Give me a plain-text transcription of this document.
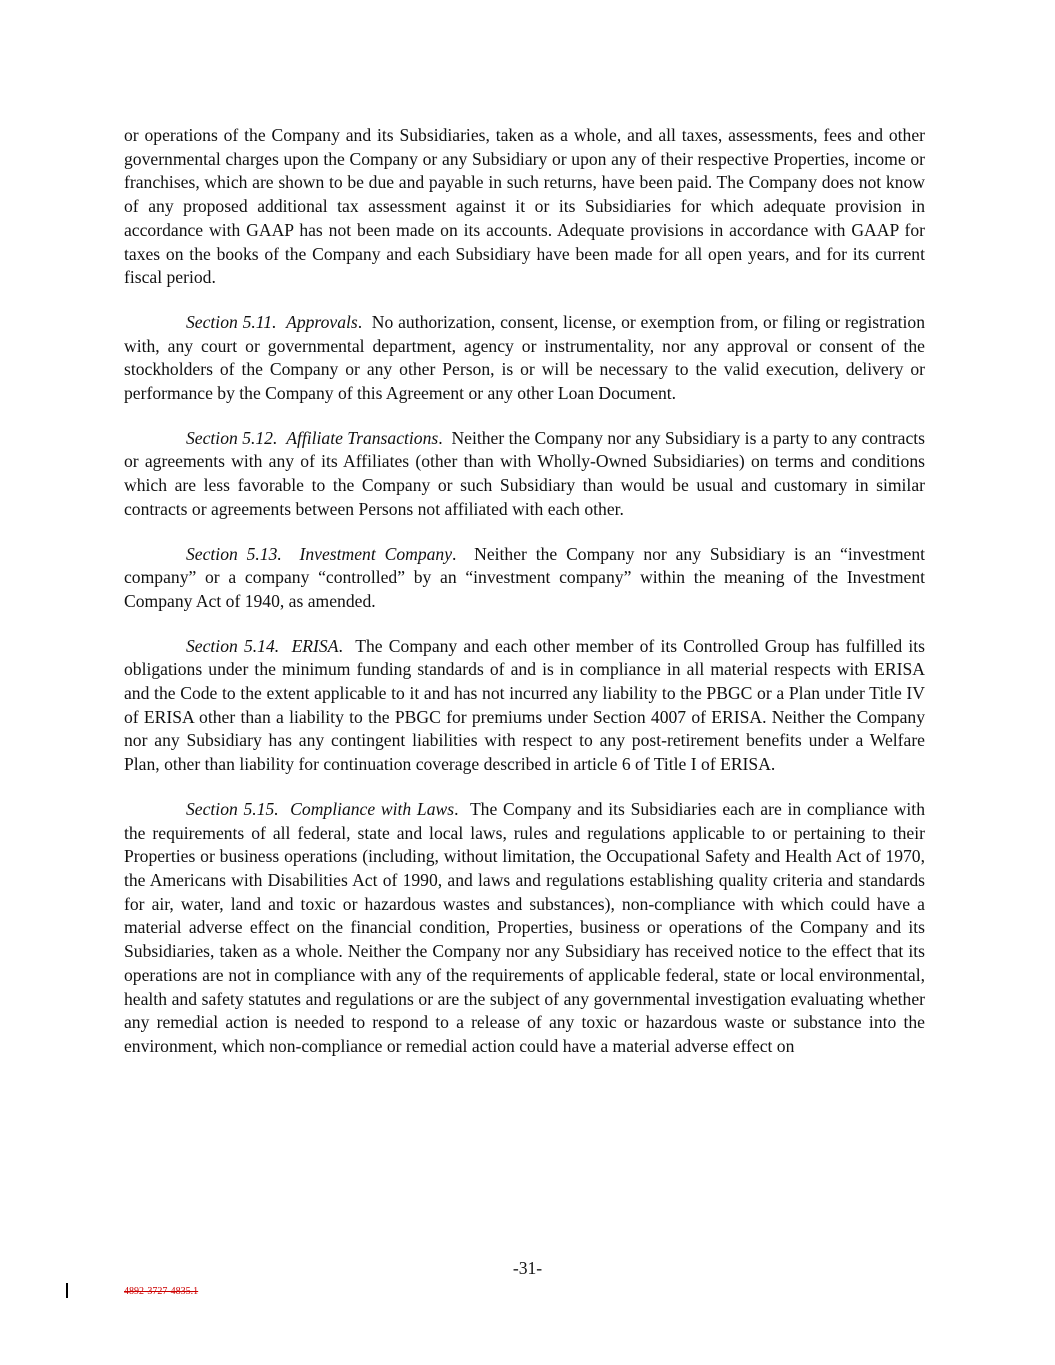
or operations of the Company and its Subsidiaries, taken as a whole, and all taxes, assessments, fees and other governmental charges upon the Company or any Subsidiary or upon any of their respective Properties, income or franchises, which are shown to be due and payable in such returns, have been paid. The Company does not know of any proposed additional tax assessment against it or its Subsidiaries for which adequate provision in accordance with GAAP has not been made on its accounts. Adequate provisions in accordance with GAAP for taxes on the books of the Company and each Subsidiary have been made for all open years, and for its current fiscal period.

Section 5.11. Approvals.  No authorization, consent, license, or exemption from, or filing or registration with, any court or governmental department, agency or instrumentality, nor any approval or consent of the stockholders of the Company or any other Person, is or will be necessary to the valid execution, delivery or performance by the Company of this Agreement or any other Loan Document.

Section 5.12. Affiliate Transactions.  Neither the Company nor any Subsidiary is a party to any contracts or agreements with any of its Affiliates (other than with Wholly-Owned Subsidiaries) on terms and conditions which are less favorable to the Company or such Subsidiary than would be usual and customary in similar contracts or agreements between Persons not affiliated with each other.

Section 5.13. Investment Company.  Neither the Company nor any Subsidiary is an “investment company” or a company “controlled” by an “investment company” within the meaning of the Investment Company Act of 1940, as amended.

Section 5.14. ERISA.  The Company and each other member of its Controlled Group has fulfilled its obligations under the minimum funding standards of and is in compliance in all material respects with ERISA and the Code to the extent applicable to it and has not incurred any liability to the PBGC or a Plan under Title IV of ERISA other than a liability to the PBGC for premiums under Section 4007 of ERISA. Neither the Company nor any Subsidiary has any contingent liabilities with respect to any post-retirement benefits under a Welfare Plan, other than liability for continuation coverage described in article 6 of Title I of ERISA.

Section 5.15. Compliance with Laws.  The Company and its Subsidiaries each are in compliance with the requirements of all federal, state and local laws, rules and regulations applicable to or pertaining to their Properties or business operations (including, without limitation, the Occupational Safety and Health Act of 1970, the Americans with Disabilities Act of 1990, and laws and regulations establishing quality criteria and standards for air, water, land and toxic or hazardous wastes and substances), non-compliance with which could have a material adverse effect on the financial condition, Properties, business or operations of the Company and its Subsidiaries, taken as a whole. Neither the Company nor any Subsidiary has received notice to the effect that its operations are not in compliance with any of the requirements of applicable federal, state or local environmental, health and safety statutes and regulations or are the subject of any governmental investigation evaluating whether any remedial action is needed to respond to a release of any toxic or hazardous waste or substance into the environment, which non-compliance or remedial action could have a material adverse effect on

-31-
4892-3727-4835.1
